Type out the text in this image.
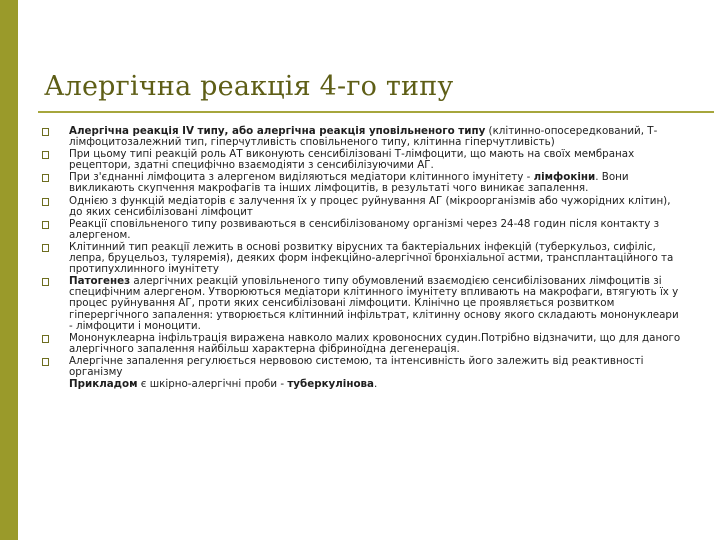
Алергічна реакція 4-го типу
Алергічна реакція IV типу, або алергічна реакція уповільненого типу (клітинно-опосередкований, Т-лімфоцитозалежний тип, гіперчутливість сповільненого типу, клітинна гіперчутливість)
При цьому типі реакцій роль АТ виконують сенсибілізовані Т-лімфоцити, що мають на своїх мембранах рецептори, здатні специфічно взаємодіяти з сенсибілізуючими АГ.
При з'єднанні лімфоцита з алергеном виділяються медіатори клітинного імунітету - лімфокіни. Вони викликають скупчення макрофагів та інших лімфоцитів, в результаті чого виникає запалення.
Однією з функцій медіаторів є залучення їх у процес руйнування АГ (мікроорганізмів або чужорідних клітин), до яких сенсибілізовані лімфоцит
Реакції сповільненого типу розвиваються в сенсибілізованому організмі через 24-48 годин після контакту з алергеном.
Клітинний тип реакції лежить в основі розвитку вірусних та бактеріальних інфекцій (туберкульоз, сифіліс, лепра, бруцельоз, туляремія), деяких форм інфекційно-алергічної бронхіальної астми, трансплантаційного та протипухлинного імунітету
Патогенез алергічних реакцій уповільненого типу обумовлений взаємодією сенсибілізованих лімфоцитів зі специфічним алергеном. Утворюються медіатори клітинного імунітету впливають на макрофаги, втягують їх у процес руйнування АГ, проти яких сенсибілізовані лімфоцити. Клінічно це проявляється розвитком гіперергічного запалення: утворюється клітинний інфільтрат, клітинну основу якого складають мононуклеари - лімфоцити і моноцити.
Мононуклеарна інфільтрація виражена навколо малих кровоносних судин.Потрібно відзначити, що для даного алергічного запалення найбільш характерна фібриноїдна дегенерація.
Алергічне запалення регулюється нервовою системою, та інтенсивність його залежить від реактивності організму
Прикладом є шкірно-алергічні проби - туберкулінова.
